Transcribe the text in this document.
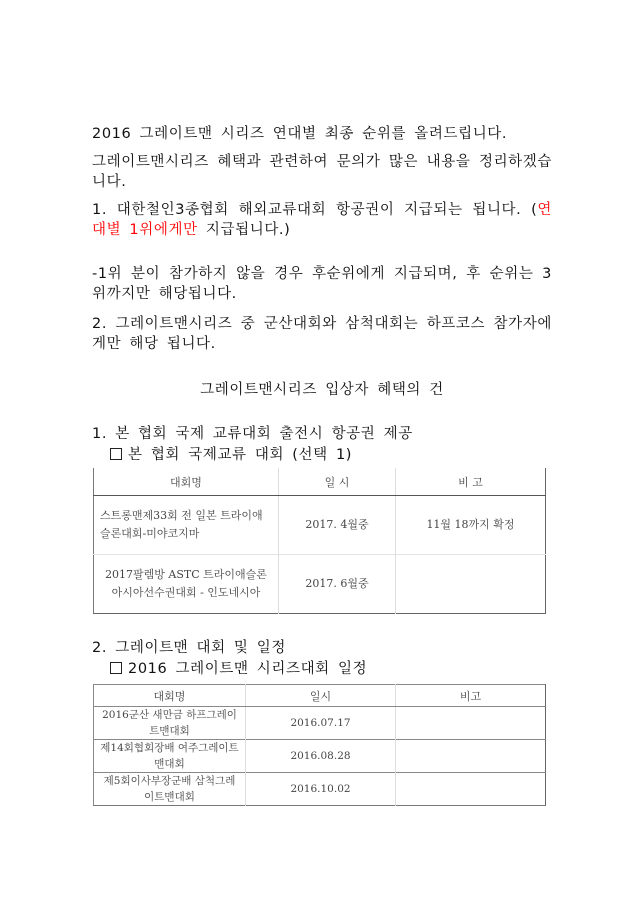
2016 그레이트맨 시리즈 연대별 최종 순위를 올려드립니다.

그레이트맨시리즈 혜택과 관련하여 문의가 많은 내용을 정리하겠습니다.

1. 대한철인3종협회 해외교류대회 항공권이 지급되는 됩니다. (연대별 1위에게만 지급됩니다.)

-1위 분이 참가하지 않을 경우 후순위에게 지급되며, 후 순위는 3위까지만 해당됩니다.

2. 그레이트맨시리즈 중 군산대회와 삼척대회는 하프코스 참가자에게만 해당 됩니다.

그레이트맨시리즈 입상자 혜택의 건
1. 본 협회 국제 교류대회 출전시 항공권 제공
본 협회 국제교류 대회 (선택 1)
대회명	일 시	비 고
스트롱맨제33회 전 일본 트라이애슬론대회-미야코지마	2017. 4월중	11월 18까지 확정
2017팔렘방 ASTC 트라이애슬론 아시아선수권대회 - 인도네시아	2017. 6월중	
2. 그레이트맨 대회 및 일정
2016 그레이트맨 시리즈대회 일정
대회명	일시	비고
2016군산 새만금 하프그레이트맨대회	2016.07.17	
제14회협회장배 여주그레이트맨대회	2016.08.28	
제5회이사부장군배 삼척그레이트맨대회	2016.10.02	
